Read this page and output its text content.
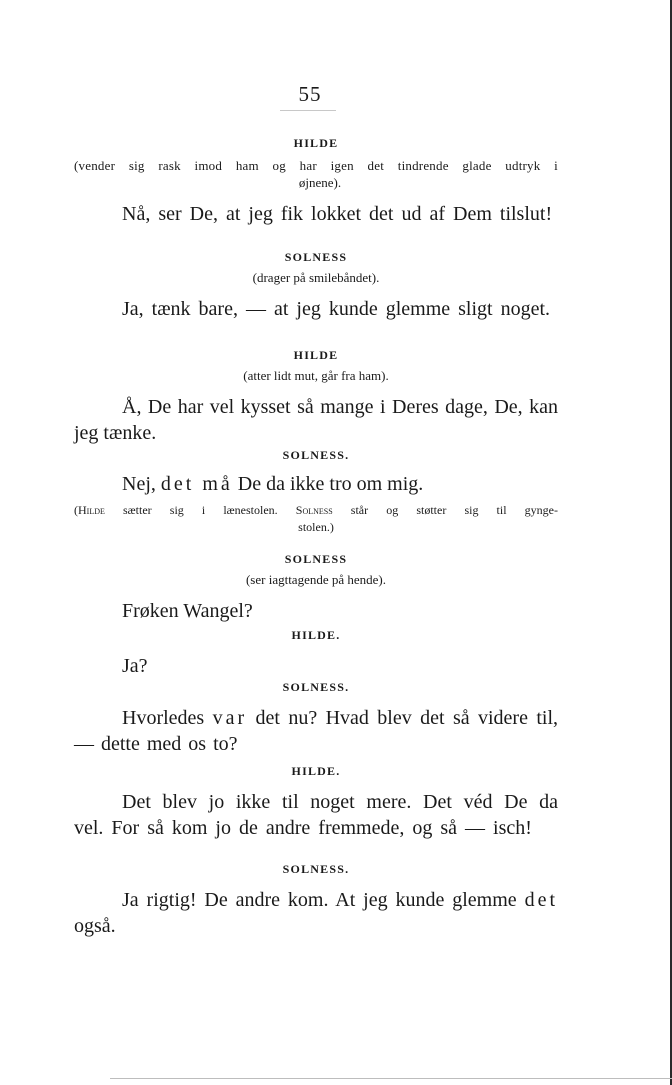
55

HILDE

(vender sig rask imod ham og har igen det tindrende glade udtryk i

øjnene).

Nå, ser De, at jeg fik lokket det ud af Dem tilslut!

SOLNESS

(drager på smilebåndet).

Ja, tænk bare, — at jeg kunde glemme sligt noget.

HILDE

(atter lidt mut, går fra ham).

Å, De har vel kysset så mange i Deres dage, De, kan jeg tænke.

SOLNESS.

Nej, det må De da ikke tro om mig.

(Hilde sætter sig i lænestolen. Solness står og støtter sig til gynge-

stolen.)

SOLNESS

(ser iagttagende på hende).

Frøken Wangel?

HILDE.

Ja?

SOLNESS.

Hvorledes var det nu? Hvad blev det så videre til, — dette med os to?

HILDE.

Det blev jo ikke til noget mere. Det véd De da vel. For så kom jo de andre fremmede, og så — isch!

SOLNESS.

Ja rigtig! De andre kom. At jeg kunde glemme det også.
